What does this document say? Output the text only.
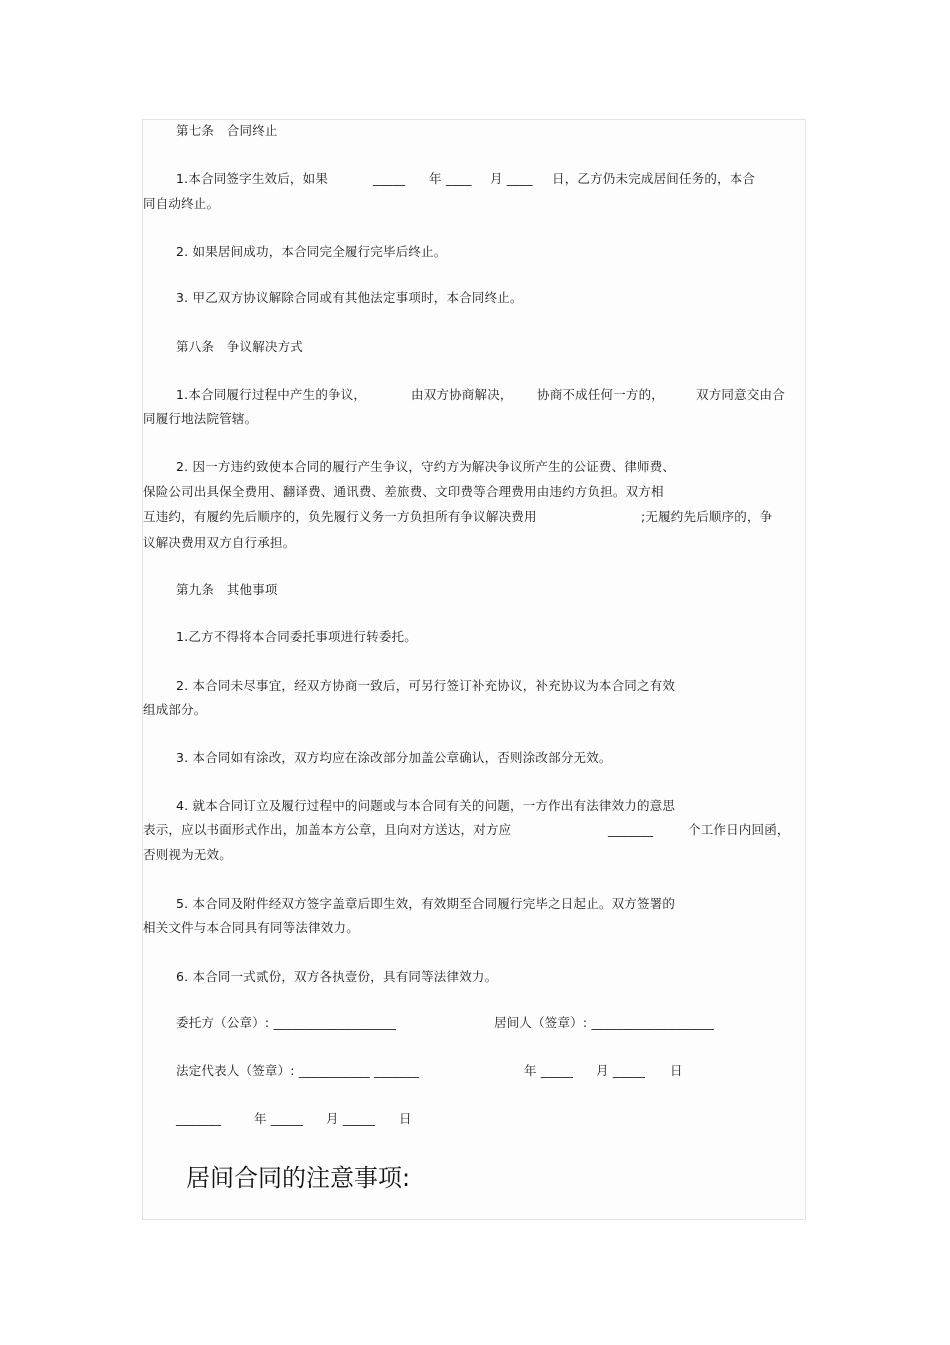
第七条　合同终止
1.本合同签字生效后，如果	_____ 年 ____ 月 ____ 日，乙方仍未完成居间任务的，本合
同自动终止。
2. 如果居间成功，本合同完全履行完毕后终止。
3. 甲乙双方协议解除合同或有其他法定事项时，本合同终止。
第八条　争议解决方式
1.本合同履行过程中产生的争议，	由双方协商解决， 协商不成任何一方的，	双方同意交由合
同履行地法院管辖。
2. 因一方违约致使本合同的履行产生争议，守约方为解决争议所产生的公证费、律师费、
保险公司出具保全费用、翻译费、通讯费、差旅费、文印费等合理费用由违约方负担。双方相
互违约，有履约先后顺序的，负先履行义务一方负担所有争议解决费用	;无履约先后顺序的，争
议解决费用双方自行承担。
第九条　其他事项
1.乙方不得将本合同委托事项进行转委托。
2. 本合同未尽事宜，经双方协商一致后，可另行签订补充协议，补充协议为本合同之有效
组成部分。
3. 本合同如有涂改，双方均应在涂改部分加盖公章确认，否则涂改部分无效。
4. 就本合同订立及履行过程中的问题或与本合同有关的问题，一方作出有法律效力的意思
表示，应以书面形式作出，加盖本方公章，且向对方送达，对方应	_______	个工作日内回函，
否则视为无效。
5. 本合同及附件经双方签字盖章后即生效，有效期至合同履行完毕之日起止。双方签署的
相关文件与本合同具有同等法律效力。
6. 本合同一式贰份，双方各执壹份，具有同等法律效力。
委托方（公章）: ___________________	居间人（签章）: ___________________
法定代表人（签章）: ___________ _______	年 _____ 月 _____ 日
_______	年 _____ 月 _____ 日
居间合同的注意事项:
